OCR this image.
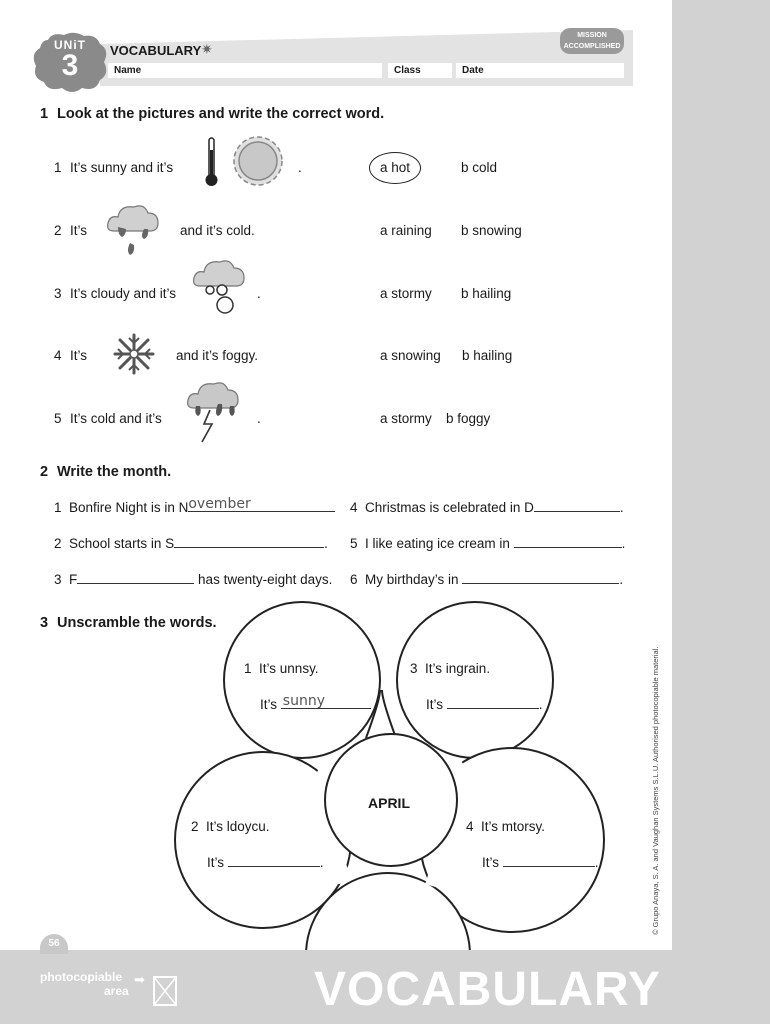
UNiT
3	VOCABULARY ✷
Name	Class	Date
MISSION
ACCOMPLISHED
1 Look at the pictures and write the correct word.
1 It’s sunny and it’s	.	a hot	b cold
2 It’s	and it’s cold.	a raining b snowing
3 It’s cloudy and it’s	.	a stormy b hailing
4 It’s	and it’s foggy.	a snowing b hailing
5 It’s cold and it’s	.	a stormy b foggy
2 Write the month.
1 Bonfire Night is in N ovember
2 School starts in S	.
3 F	has twenty-eight days.
4 Christmas is celebrated in D	.
5 I like eating ice cream in	.
6 My birthday’s in	.
3 Unscramble the words.
APRIL
1 It’s unnsy.
It’s sunny
3 It’s ingrain.
It’s	.
2 It’s ldoycu.
It’s	.
4 It’s mtorsy.
It’s	.	© Grupo Anaya, S. A. and Vaughan Systems S.L.U. Authorised photocopiable material.
56
photocopiable
area
➡	VOCABULARY
